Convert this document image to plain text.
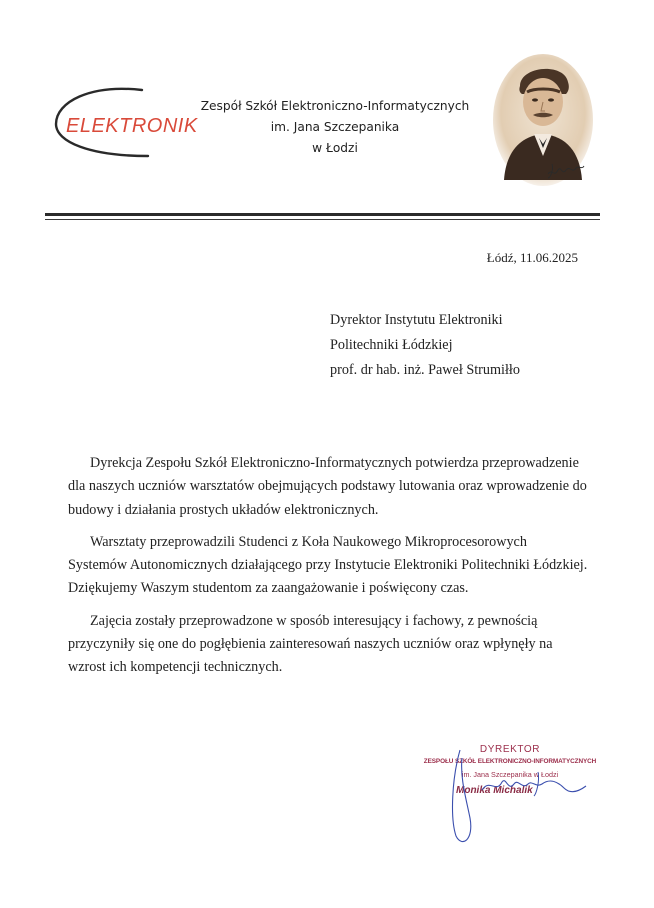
ELEKTRONIK
Zespół Szkół Elektroniczno-Informatycznych
im. Jana Szczepanika
w Łodzi
Łódź, 11.06.2025
Dyrektor Instytutu Elektroniki
Politechniki Łódzkiej
prof. dr hab. inż. Paweł Strumiłło

Dyrekcja Zespołu Szkół Elektroniczno-Informatycznych potwierdza przeprowadzenie dla naszych uczniów warsztatów obejmujących podstawy lutowania oraz wprowadzenie do budowy i działania prostych układów elektronicznych.

Warsztaty przeprowadzili Studenci z Koła Naukowego Mikroprocesorowych Systemów Autonomicznych działającego przy Instytucie Elektroniki Politechniki Łódzkiej. Dziękujemy Waszym studentom za zaangażowanie i poświęcony czas.

Zajęcia zostały przeprowadzone w sposób interesujący i fachowy, z pewnością przyczyniły się one do pogłębienia zainteresowań naszych uczniów oraz wpłynęły na wzrost ich kompetencji technicznych.

DYREKTOR
ZESPOŁU SZKÓŁ ELEKTRONICZNO-INFORMATYCZNYCH
im. Jana Szczepanika w Łodzi
Monika Michalik
